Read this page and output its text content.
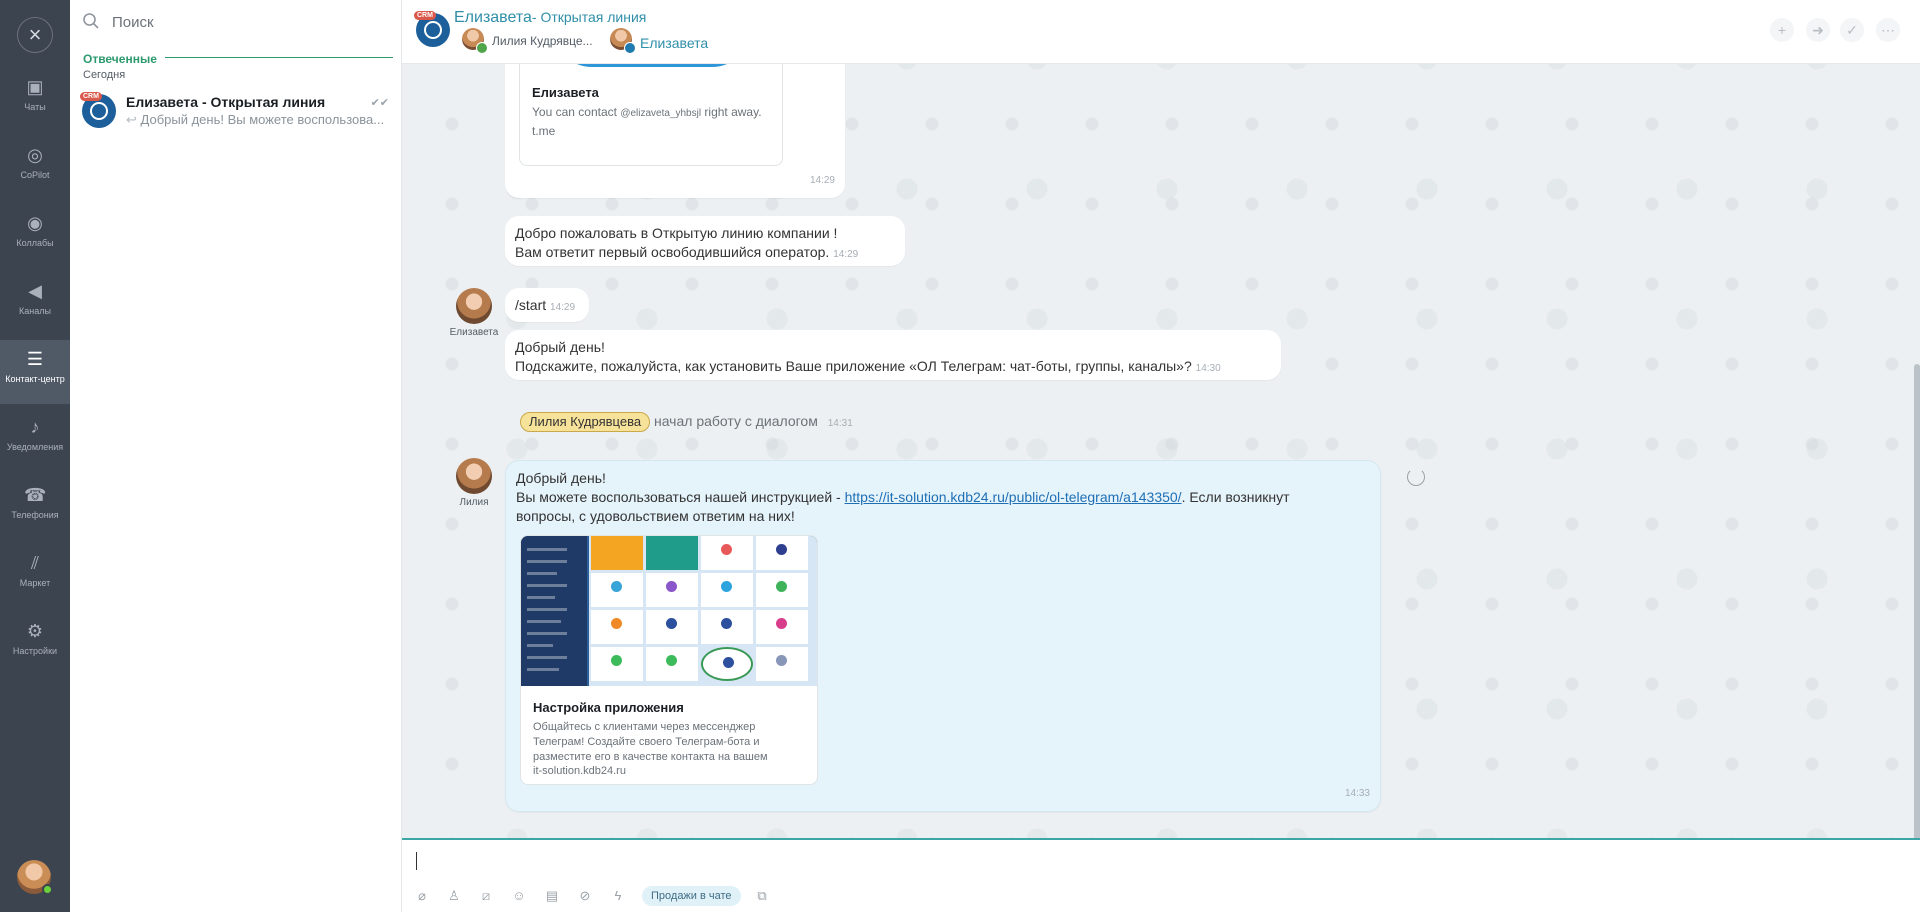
×
▣
Чаты
◎
CoPilot
◉
Коллабы
◀
Каналы
☰
Контакт-центр
♪
Уведомления
☎
Телефония
⫽
Маркет
⚙
Настройки
Поиск
Отвеченные
Сегодня
CRM Елизавета - Открытая линия
↩ Добрый день! Вы можете воспользова...
✔✔
CRM Елизавета- Открытая линия
Лилия Кудрявце...	Елизавета
+	➜	✓	⋯
Елизавета
You can contact @elizaveta_yhbsjl right away.
t.me
14:29
Добро пожаловать в Открытую линию компании !
Вам ответит первый освободившийся оператор. 14:29
Елизавета
/start 14:29
Добрый день!
Подскажите, пожалуйста, как установить Ваше приложение «ОЛ Телеграм: чат-боты, группы, каналы»? 14:30
Лилия Кудрявцева начал работу с диалогом 14:31
Лилия
Добрый день!
Вы можете воспользоваться нашей инструкцией - https://it-solution.kdb24.ru/public/ol-telegram/a143350/. Если возникнут
вопросы, с удовольствием ответим на них!
Настройка приложения
Общайтесь с клиентами через мессенджер Телеграм! Создайте своего Телеграм-бота и разместите его в качестве контакта на вашем
it-solution.kdb24.ru
14:33
⌀	♙ ⧄ ☺ ▤ ⊘	ϟ	Продажи в чате	⧉
